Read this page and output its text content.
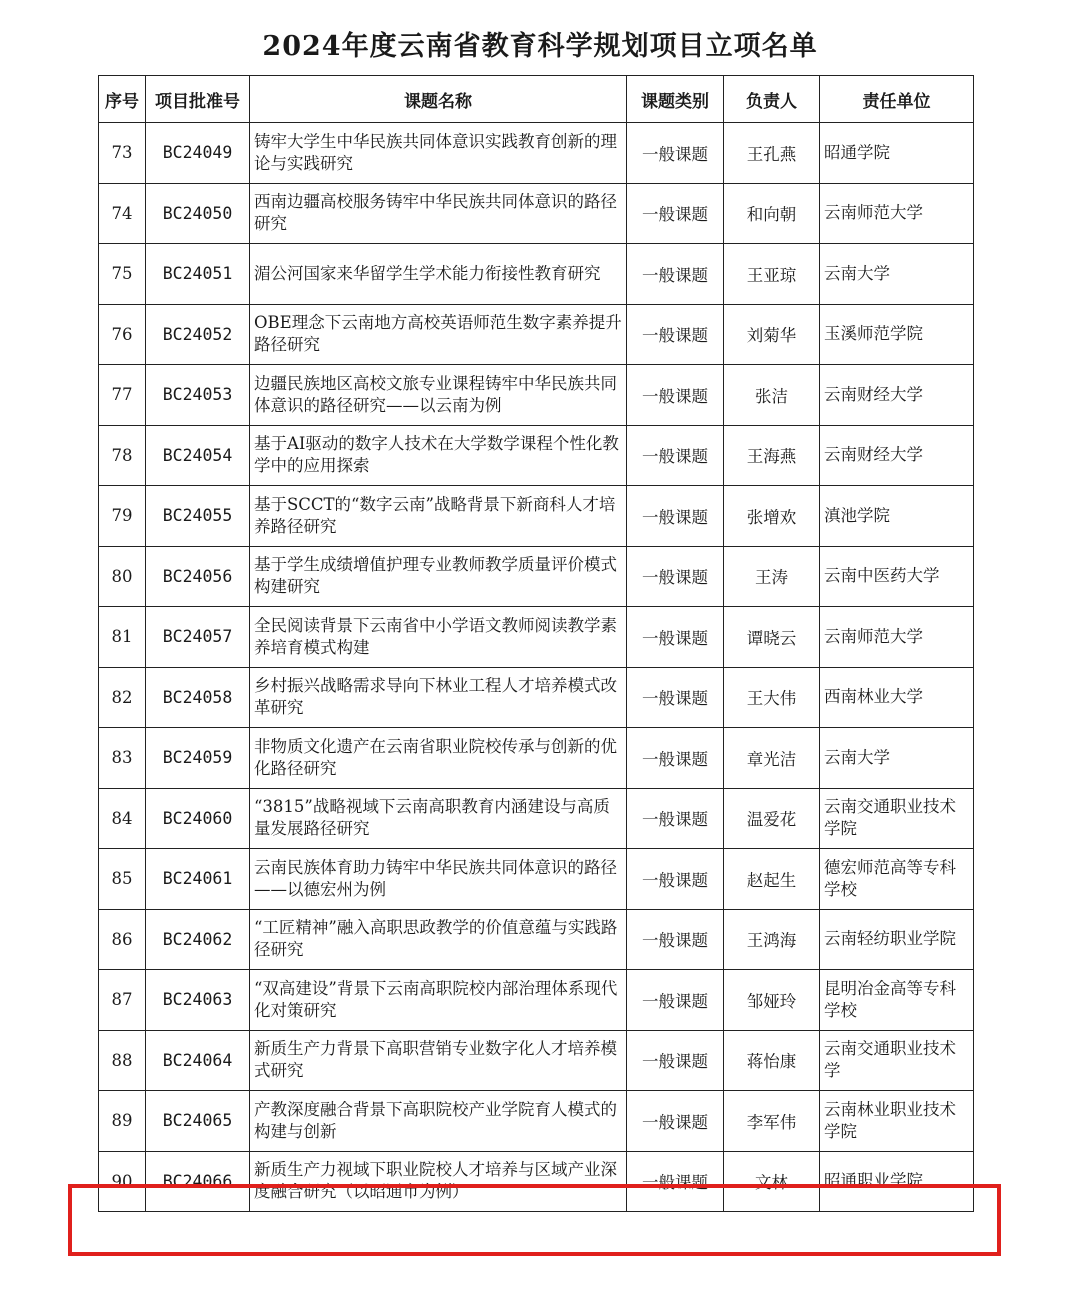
2024年度云南省教育科学规划项目立项名单
序号	项目批准号	课题名称	课题类别	负责人	责任单位
73	BC24049	铸牢大学生中华民族共同体意识实践教育创新的理论与实践研究	一般课题	王孔燕	昭通学院
74	BC24050	西南边疆高校服务铸牢中华民族共同体意识的路径研究	一般课题	和向朝	云南师范大学
75	BC24051	湄公河国家来华留学生学术能力衔接性教育研究	一般课题	王亚琼	云南大学
76	BC24052	OBE理念下云南地方高校英语师范生数字素养提升路径研究	一般课题	刘菊华	玉溪师范学院
77	BC24053	边疆民族地区高校文旅专业课程铸牢中华民族共同体意识的路径研究——以云南为例	一般课题	张洁	云南财经大学
78	BC24054	基于AI驱动的数字人技术在大学数学课程个性化教学中的应用探索	一般课题	王海燕	云南财经大学
79	BC24055	基于SCCT的“数字云南”战略背景下新商科人才培养路径研究	一般课题	张增欢	滇池学院
80	BC24056	基于学生成绩增值护理专业教师教学质量评价模式构建研究	一般课题	王涛	云南中医药大学
81	BC24057	全民阅读背景下云南省中小学语文教师阅读教学素养培育模式构建	一般课题	谭晓云	云南师范大学
82	BC24058	乡村振兴战略需求导向下林业工程人才培养模式改革研究	一般课题	王大伟	西南林业大学
83	BC24059	非物质文化遗产在云南省职业院校传承与创新的优化路径研究	一般课题	章光洁	云南大学
84	BC24060	“3815”战略视域下云南高职教育内涵建设与高质量发展路径研究	一般课题	温爱花	云南交通职业技术学院
85	BC24061	云南民族体育助力铸牢中华民族共同体意识的路径——以德宏州为例	一般课题	赵起生	德宏师范高等专科学校
86	BC24062	“工匠精神”融入高职思政教学的价值意蕴与实践路径研究	一般课题	王鸿海	云南轻纺职业学院
87	BC24063	“双高建设”背景下云南高职院校内部治理体系现代化对策研究	一般课题	邹娅玲	昆明冶金高等专科学校
88	BC24064	新质生产力背景下高职营销专业数字化人才培养模式研究	一般课题	蒋怡康	云南交通职业技术学
89	BC24065	产教深度融合背景下高职院校产业学院育人模式的构建与创新	一般课题	李军伟	云南林业职业技术学院
90	BC24066	新质生产力视域下职业院校人才培养与区域产业深度融合研究（以昭通市为例）	一般课题	文林	昭通职业学院
